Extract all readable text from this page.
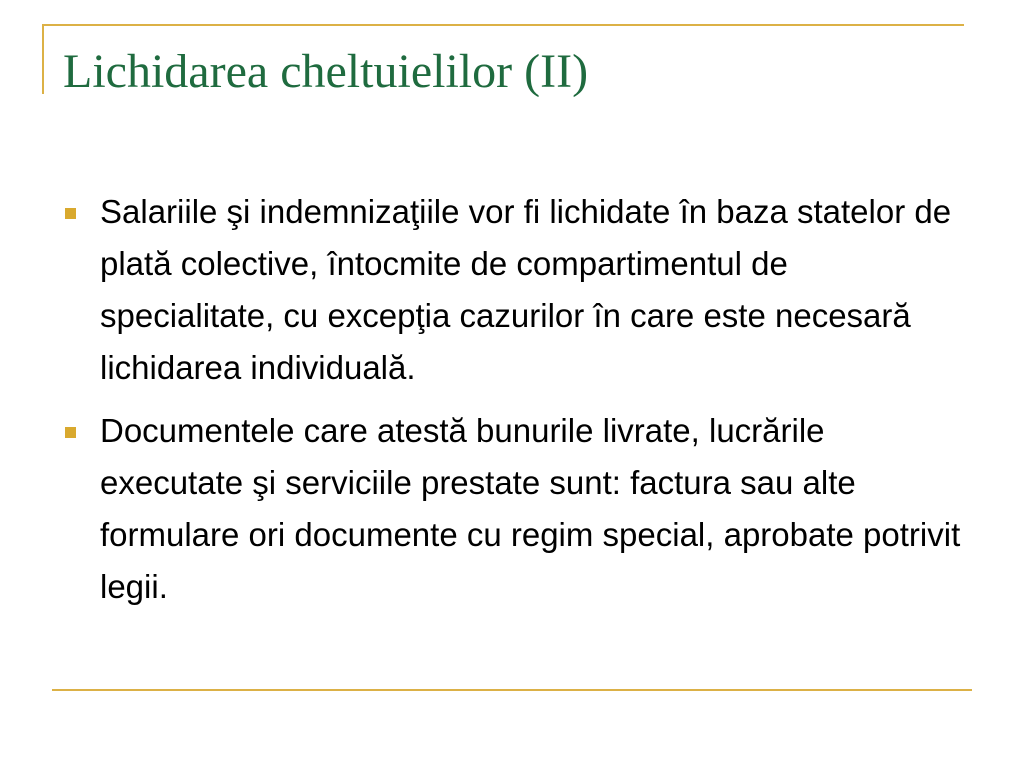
Lichidarea cheltuielilor (II)
Salariile şi indemnizaţiile vor fi lichidate în baza statelor de plată colective, întocmite de compartimentul de specialitate, cu excepţia cazurilor în care este necesară lichidarea individuală.
Documentele care atestă bunurile livrate, lucrările executate şi serviciile prestate sunt: factura sau alte formulare ori documente cu regim special, aprobate potrivit legii.
